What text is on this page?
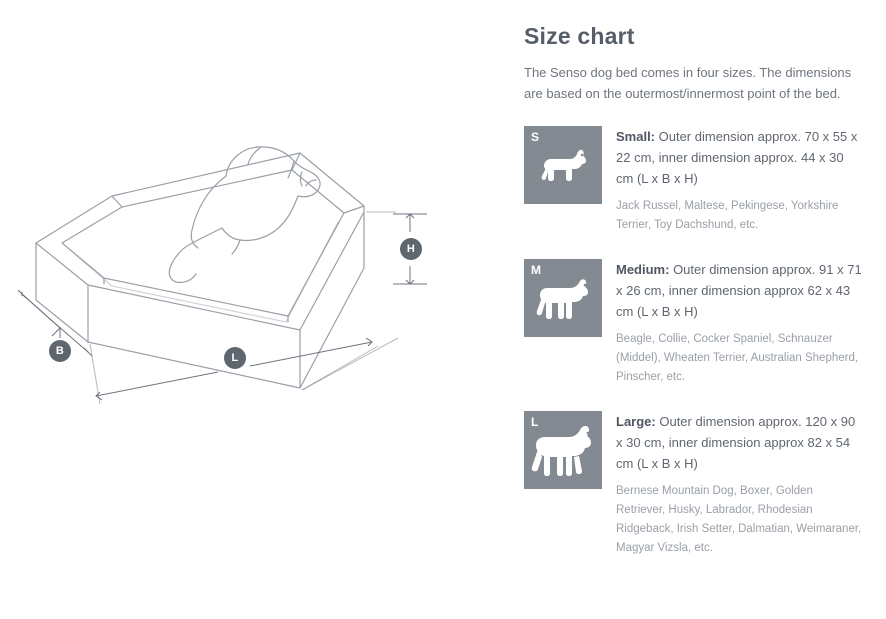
H
B
L
Size chart

The Senso dog bed comes in four sizes. The dimensions are based on the outermost/innermost point of the bed.

S	Small: Outer dimension approx. 70 x 55 x 22 cm, inner dimension approx. 44 x 30 cm (L x B x H)

Jack Russel, Maltese, Pekingese, Yorkshire Terrier, Toy Dachshund, etc.

M	Medium: Outer dimension approx. 91 x 71 x 26 cm, inner dimension approx 62 x 43 cm (L x B x H)

Beagle, Collie, Cocker Spaniel, Schnauzer (Middel), Wheaten Terrier, Australian Shepherd, Pinscher, etc.

L	Large: Outer dimension approx. 120 x 90 x 30 cm, inner dimension approx 82 x 54 cm (L x B x H)

Bernese Mountain Dog, Boxer, Golden Retriever, Husky, Labrador, Rhodesian Ridgeback, Irish Setter, Dalmatian, Weimaraner, Magyar Vizsla, etc.
